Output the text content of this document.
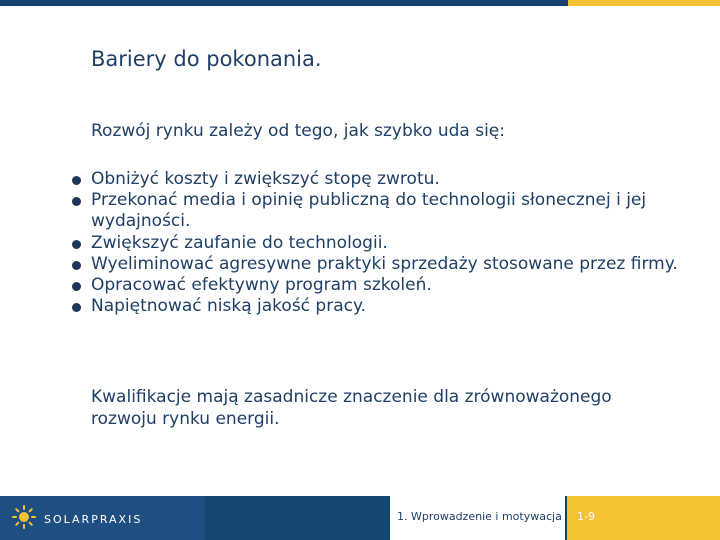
Bariery do pokonania.
Rozwój rynku zależy od tego, jak szybko uda się:
Obniżyć koszty i zwiększyć stopę zwrotu.
Przekonać media i opinię publiczną do technologii słonecznej i jej wydajności.
Zwiększyć zaufanie do technologii.
Wyeliminować agresywne praktyki sprzedaży stosowane przez firmy.
Opracować efektywny program szkoleń.
Napiętnować niską jakość pracy.
Kwalifikacje mają zasadnicze znaczenie dla zrównoważonego rozwoju rynku energii.
SOLARPRAXIS	1. Wprowadzenie i motywacja 1-9
